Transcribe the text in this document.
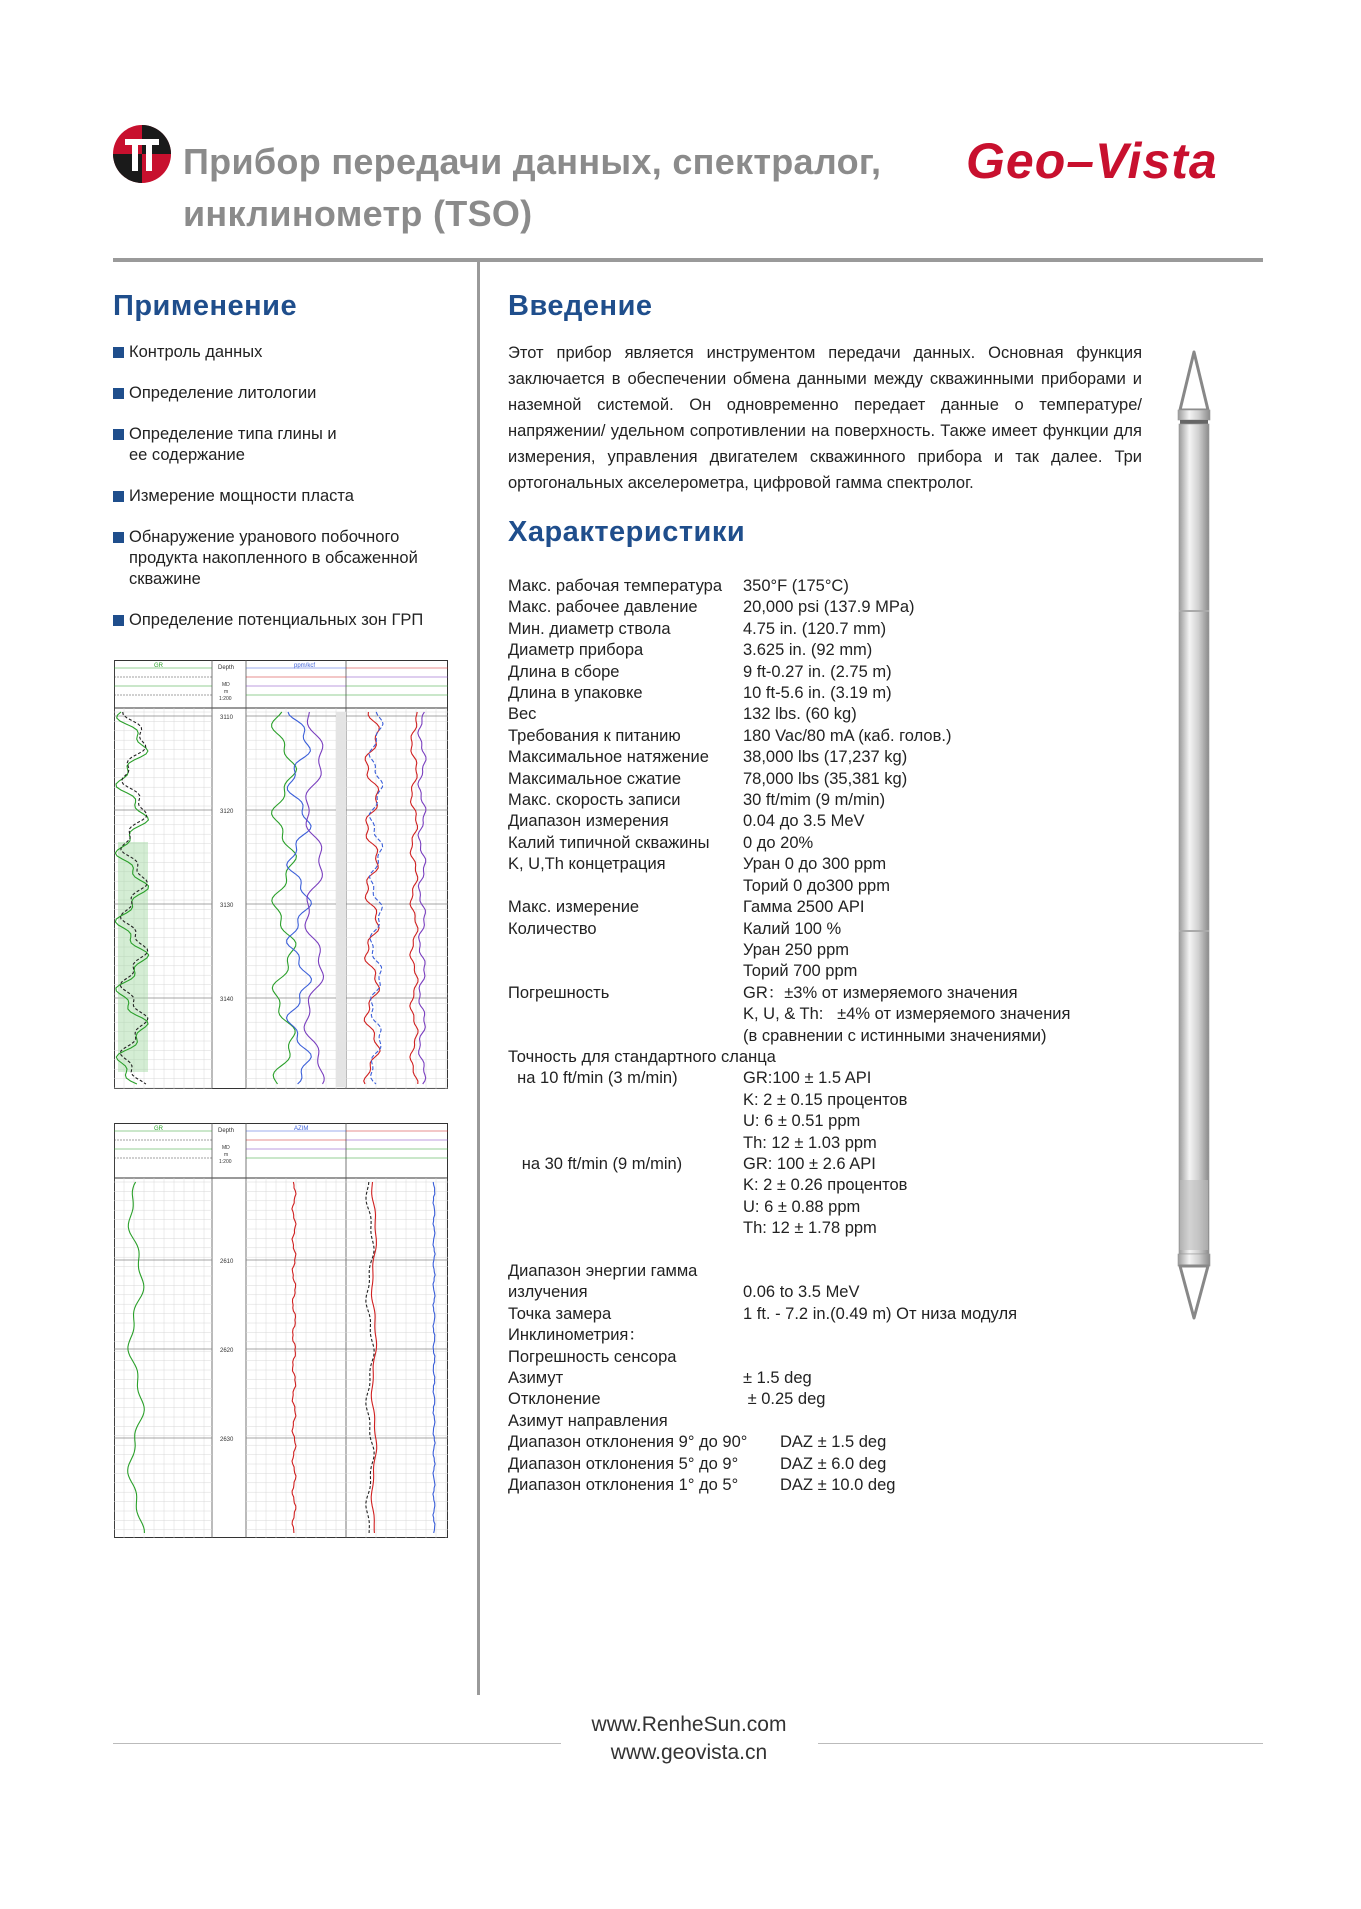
Прибор передачи данных, спектралог,
инклинометр (TSO)
Geo–Vista
Применение
Контроль данных
Определение литологии
Определение типа глины и
ее содержание
Измерение мощности пласта
Обнаружение уранового побочного
продукта накопленного в обсаженной
скважине
Определение потенциальных зон ГРП
GR	ppm/kcf
Depth
MD
m
1:200
3110
3120
3130
3140
GR	AZIM
Depth
MD
m
1:200
2610
2620
2630
Введение
Этот прибор является инструментом передачи данных. Основная функция заключается в обеспечении обмена данными между скважинными приборами и наземной системой. Он одновременно передает данные о температуре/напряжении/ удельном сопротивлении на поверхность. Также имеет функции для измерения, управления двигателем скважинного прибора и так далее. Три ортогональных акселерометра, цифровой гамма спектролог.
Характеристики
Макс. рабочая температура	350°F (175°C)
Макс. рабочее давление	20,000 psi (137.9 MPa)
Мин. диаметр ствола	4.75 in. (120.7 mm)
Диаметр прибора	3.625 in. (92 mm)
Длина в сборе	9 ft-0.27 in. (2.75 m)
Длина в упаковке	10 ft-5.6 in. (3.19 m)
Вес	132 lbs. (60 kg)
Требования к питанию	180 Vac/80 mA (каб. голов.)
Максимальное натяжение	38,000 lbs (17,237 kg)
Максимальное сжатие	78,000 lbs (35,381 kg)
Макс. скорость записи	30 ft/mim (9 m/min)
Диапазон измерения	0.04 до 3.5 MeV
Калий типичной скважины	0 до 20%
K, U,Th концетрация	Уран 0 до 300 ppm
Торий 0 до300 ppm
Макс. измерение	Гамма 2500 API
Количество	Калий 100 %
Уран 250 ppm
Торий 700 ppm
Погрешность	GR：±3% от измеряемого значения
K, U, & Th:   ±4% от измеряемого значения
(в сравнении с истинными значениями)
Точность для стандартного сланца
на 10 ft/min (3 m/min)	GR:100 ± 1.5 API
K: 2 ± 0.15 процентов
U: 6 ± 0.51 ppm
Th: 12 ± 1.03 ppm
на 30 ft/min (9 m/min)	GR: 100 ± 2.6 API
K: 2 ± 0.26 процентов
U: 6 ± 0.88 ppm
Th: 12 ± 1.78 ppm

Диапазон энергии гамма
излучения	0.06 to 3.5 MeV
Точка замера	1 ft. - 7.2 in.(0.49 m) От низа модуля
Инклинометрия：
Погрешность сенсора
Азимут	± 1.5 deg
Отклонение	± 0.25 deg
Азимут направления
Диапазон отклонения 9° до 90°	DAZ ± 1.5 deg
Диапазон отклонения 5° до 9°	DAZ ± 6.0 deg
Диапазон отклонения 1° до 5°	DAZ ± 10.0 deg
www.RenheSun.com
www.geovista.cn
